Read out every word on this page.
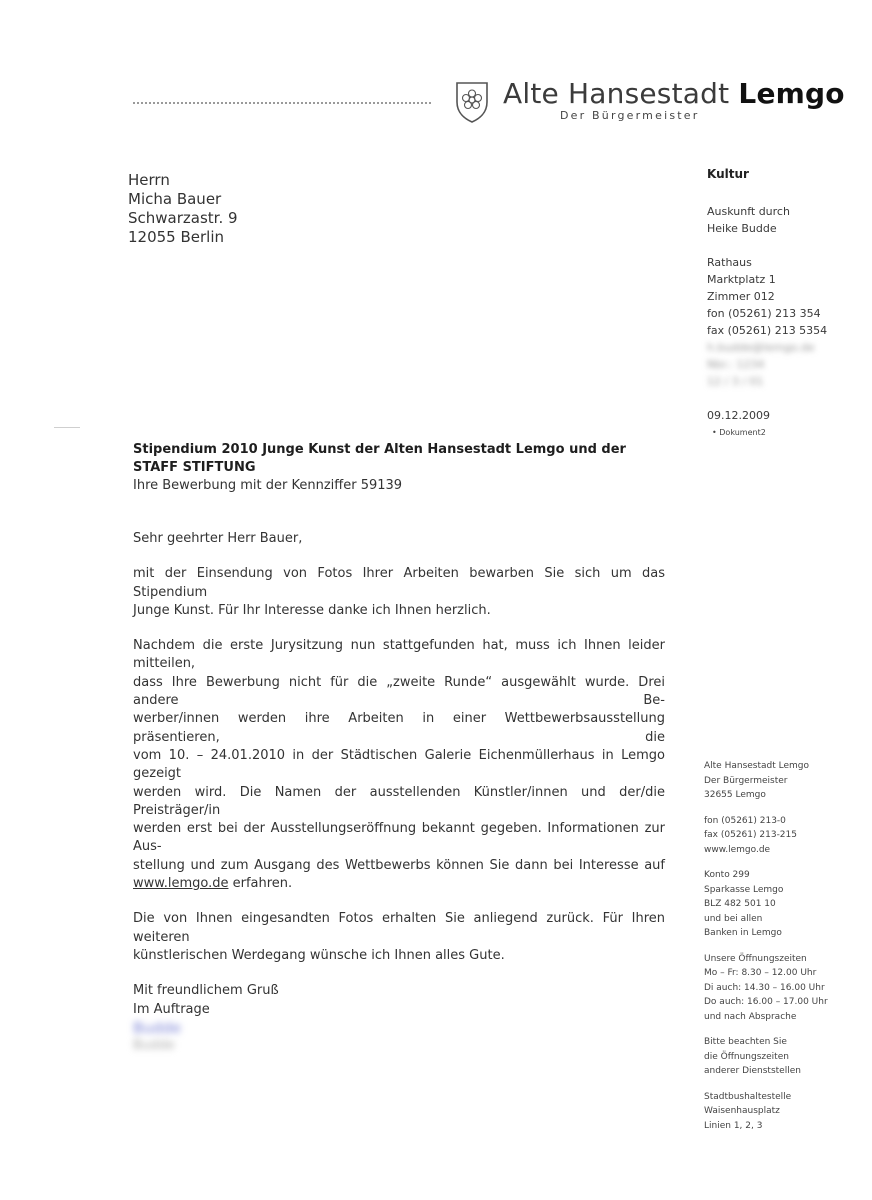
Alte Hansestadt Lemgo
Der Bürgermeister
Herrn
Micha Bauer
Schwarzastr. 9
12055 Berlin
Kultur
Auskunft durch
Heike Budde
Rathaus
Marktplatz 1
Zimmer 012
fon (05261) 213 354
fax (05261) 213 5354
h.budde@lemgo.de
Nbr.: 1234
12 / 3 / 01
09.12.2009
• Dokument2
Stipendium 2010 Junge Kunst der Alten Hansestadt Lemgo und der STAFF STIFTUNG
Ihre Bewerbung mit der Kennziffer 59139

Sehr geehrter Herr Bauer,

mit der Einsendung von Fotos Ihrer Arbeiten bewarben Sie sich um das Stipendium
Junge Kunst. Für Ihr Interesse danke ich Ihnen herzlich.

Nachdem die erste Jurysitzung nun stattgefunden hat, muss ich Ihnen leider mitteilen,
dass Ihre Bewerbung nicht für die „zweite Runde“ ausgewählt wurde. Drei andere Be-
werber/innen werden ihre Arbeiten in einer Wettbewerbsausstellung präsentieren, die
vom 10. – 24.01.2010 in der Städtischen Galerie Eichenmüllerhaus in Lemgo gezeigt
werden wird. Die Namen der ausstellenden Künstler/innen und der/die Preisträger/in
werden erst bei der Ausstellungseröffnung bekannt gegeben. Informationen zur Aus-
stellung und zum Ausgang des Wettbewerbs können Sie dann bei Interesse auf
www.lemgo.de erfahren.

Die von Ihnen eingesandten Fotos erhalten Sie anliegend zurück. Für Ihren weiteren
künstlerischen Werdegang wünsche ich Ihnen alles Gute.

Mit freundlichem Gruß
Im Auftrage
Budde
Budde
Alte Hansestadt Lemgo
Der Bürgermeister
32655 Lemgo
fon (05261) 213-0
fax (05261) 213-215
www.lemgo.de
Konto 299
Sparkasse Lemgo
BLZ 482 501 10
und bei allen
Banken in Lemgo
Unsere Öffnungszeiten
Mo – Fr: 8.30 – 12.00 Uhr
Di auch: 14.30 – 16.00 Uhr
Do auch: 16.00 – 17.00 Uhr
und nach Absprache
Bitte beachten Sie
die Öffnungszeiten
anderer Dienststellen
Stadtbushaltestelle
Waisenhausplatz
Linien 1, 2, 3
